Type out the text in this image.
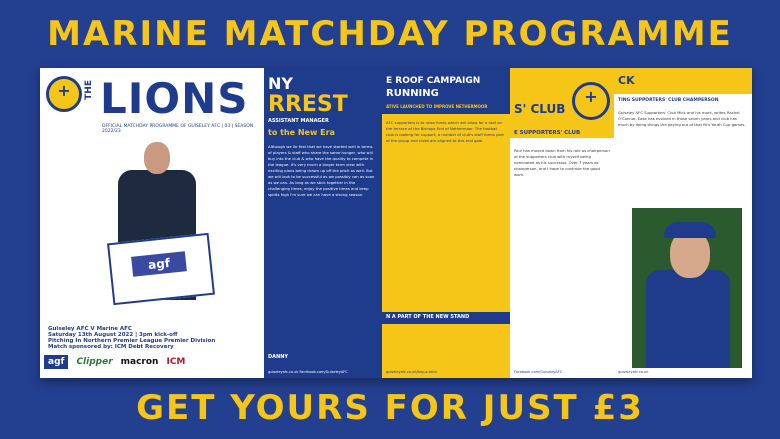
MARINE MATCHDAY PROGRAMME
+
THE LIONS
OFFICIAL MATCHDAY PROGRAMME OF GUISELEY AFC | 03 | SEASON 2022/23
agf
Guiseley AFC V Marine AFC
Saturday 13th August 2022 | 3pm kick-off
Pitching In Northern Premier League Premier Division
Match sponsored by: ICM Debt Recovery
agf	Clipper macron ICM
NY
RREST
ASSISTANT MANAGER
to the New Era
Although we lie first that we have started well in terms of players & staff who share the same hunger, who will buy into the club & who have the quality to compete in the league. It's very much a longer term view with exciting plans being drawn up off the pitch as well. But we will look to be successful as we possibly can as soon as we can. As long as we stick together in the challenging times, enjoy the positive times and keep spirits high I'm sure we can have a strong season.
DANNY
guiseleyafc.co.uk Facebook.com/GuiseleyAFC
E ROOF CAMPAIGN
RUNNING
ATIVE LAUNCHED TO IMPROVE NETHERMOOR
AFC supporters is to raise funds which will allow for a roof on the terrace at the Bishops End of Nethermoor. The football club is looking for support, a number of club's staff forms part of the group and clubs are aligned to this end goal.
N A PART OF THE NEW STAND
guiseleyafc.co.uk/buy-a-brick
S' CLUB
+
E SUPPORTERS' CLUB
Paul has moved down from his role as chairperson of the supporters club with myself being nominated as his successor. Over 7 years as chairperson, and I hope to continue the good work.
Facebook.com/GuiseleyAFC
CK
TING SUPPORTERS' CLUB CHAMPERSON
Guiseley AFC Supporters' Club Mick and his mark, writes Rachel O'Connor. Ease has evolved in those seven years and club has much by doing things the paying out of that fit's Youth Cup games.
guiseleyafc.co.uk
GET YOURS FOR JUST £3
